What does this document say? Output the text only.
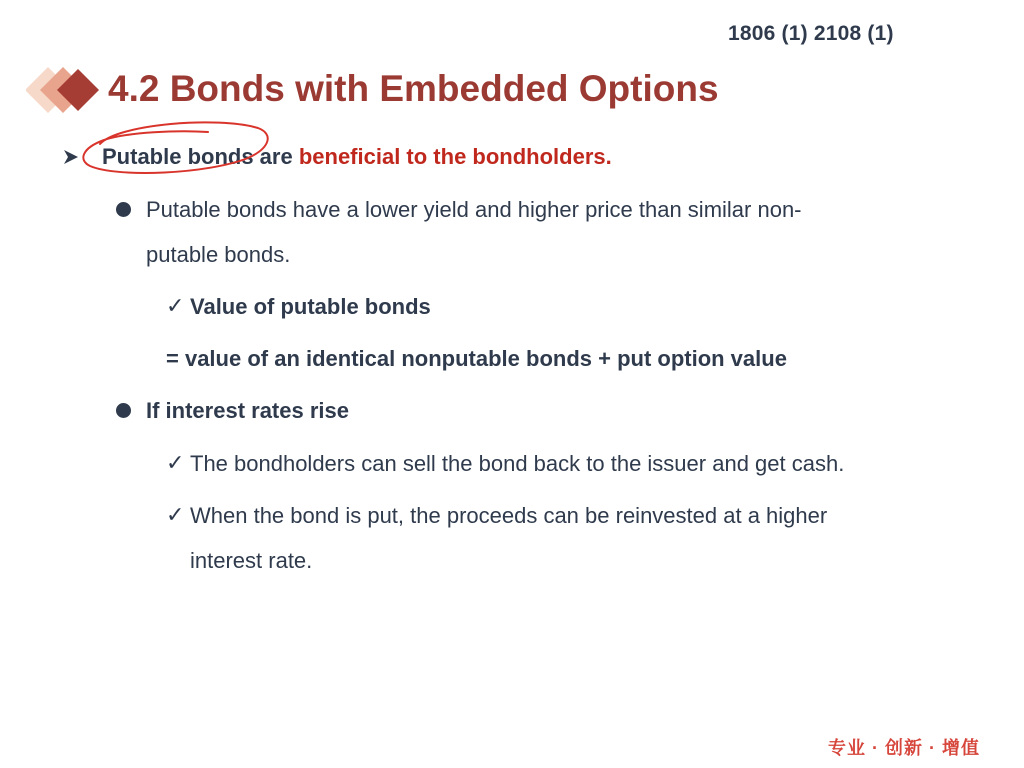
1806 (1) 2108 (1)
4.2 Bonds with Embedded Options
Putable bonds are beneficial to the bondholders.
Putable bonds have a lower yield and higher price than similar non-
putable bonds.
✓ Value of putable bonds
= value of an identical nonputable bonds + put option value
If interest rates rise
✓ The bondholders can sell the bond back to the issuer and get cash.
✓ When the bond is put, the proceeds can be reinvested at a higher
interest rate.
专业 · 创新 · 增值
